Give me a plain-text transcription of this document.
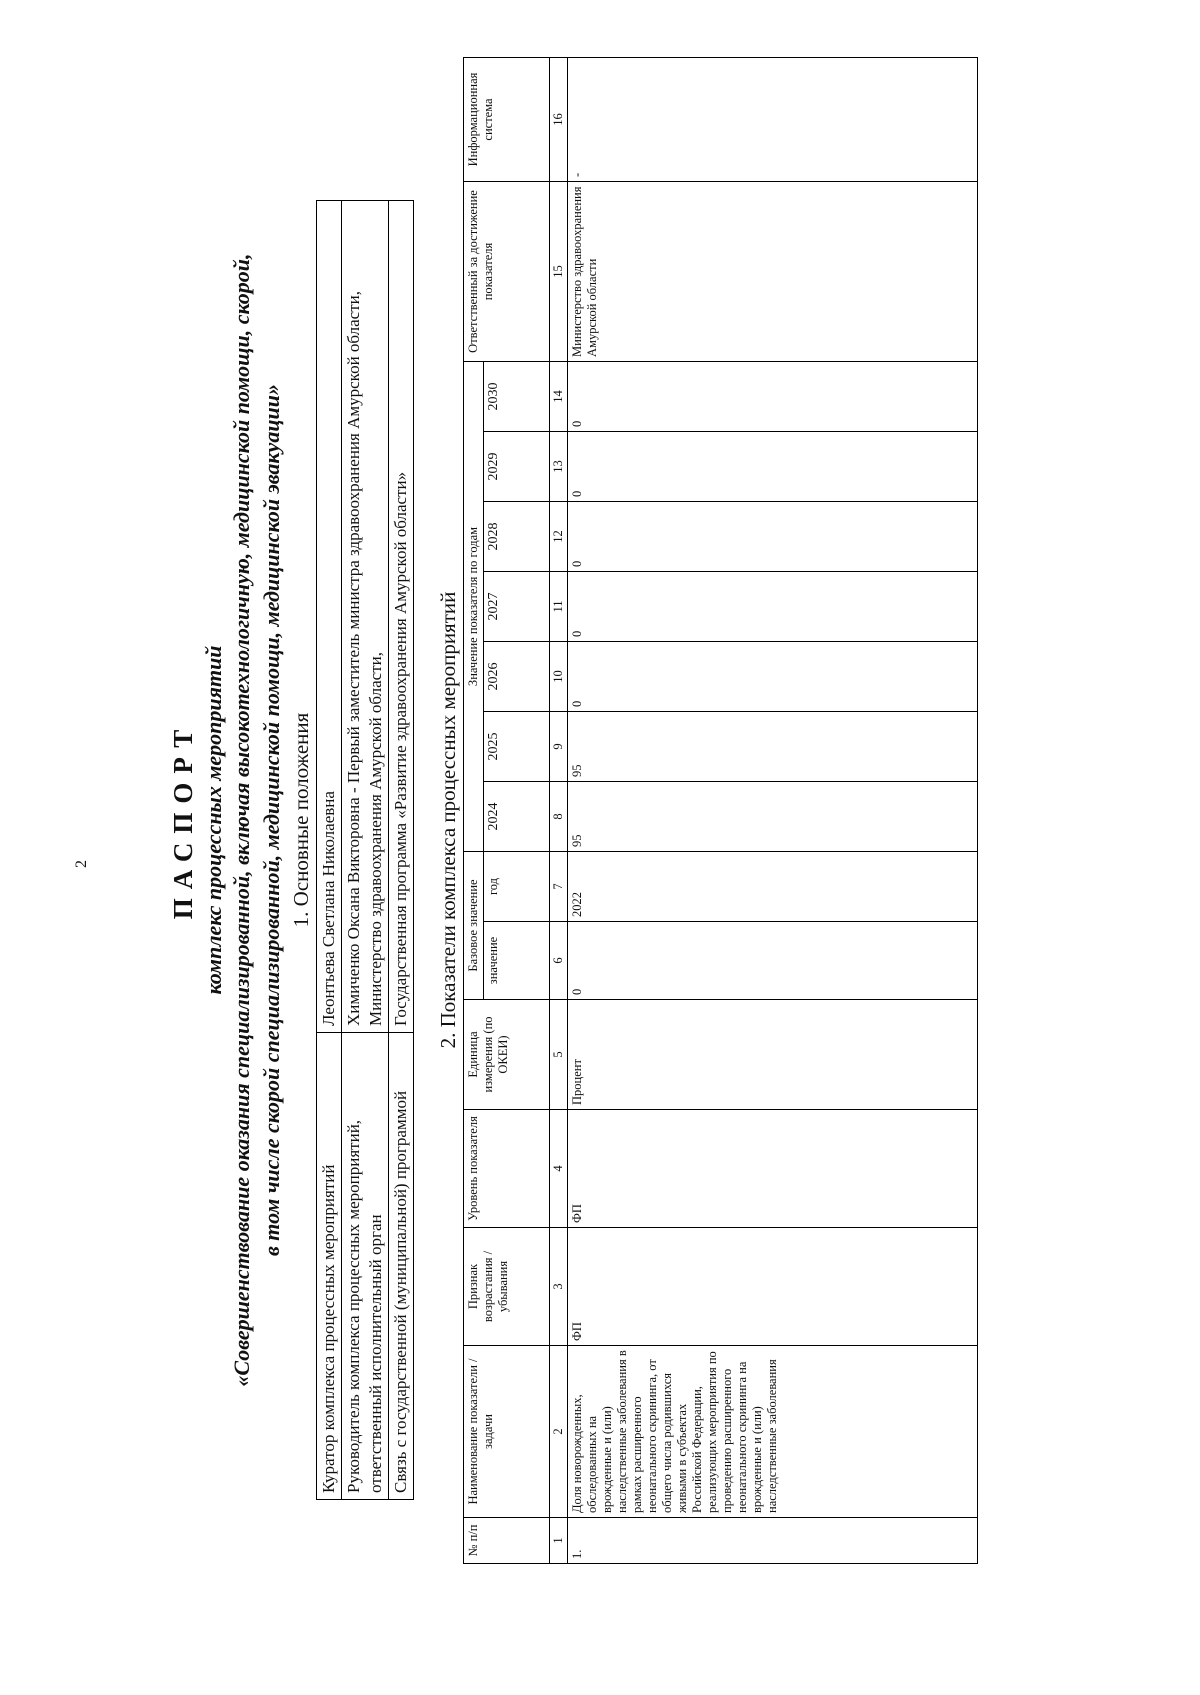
2	ПАСПОРТ комплекс процессных мероприятий «Совершенствование оказания специализированной, включая высокотехнологичную, медицинской помощи, скорой, в том числе скорой специализированной, медицинской помощи, медицинской эвакуации» 1. Основные положения
Куратор комплекса процессных мероприятий	Леонтьева Светлана Николаевна
Руководитель комплекса процессных мероприятий, ответственный исполнительный орган	Химиченко Оксана Викторовна - Первый заместитель министра здравоохранения Амурской области, Министерство здравоохранения Амурской области,
Связь с государственной (муниципальной) программой	Государственная программа «Развитие здравоохранения Амурской области» 2. Показатели комплекса процессных мероприятий
№ п/п	Наименование показатели /задачи	Признак возрастания / убывания	Уровень показателя	Единица измерения (по ОКЕИ)	Базовое значение		Значение показателя по годам							Ответственный за достижение показателя	Информационная система
					значение	год	2024	2025	2026	2027	2028	2029	2030		
1	2	3	4	5	6	7	8	9	10	11	12	13	14	15	16
1.	Доля новорожденных, обследованных на врожденные и (или) наследственные заболевания в рамках расширенного неонатального скрининга, от общего числа родившихся живыми в субъектах Российской Федерации, реализующих мероприятия по проведению расширенного неонатального скрининга на врожденные и (или) наследственные заболевания	ФП	ФП	Процент	0	2022	95	95	0	0	0	0	0	Министерство здравоохранения Амурской области	-
